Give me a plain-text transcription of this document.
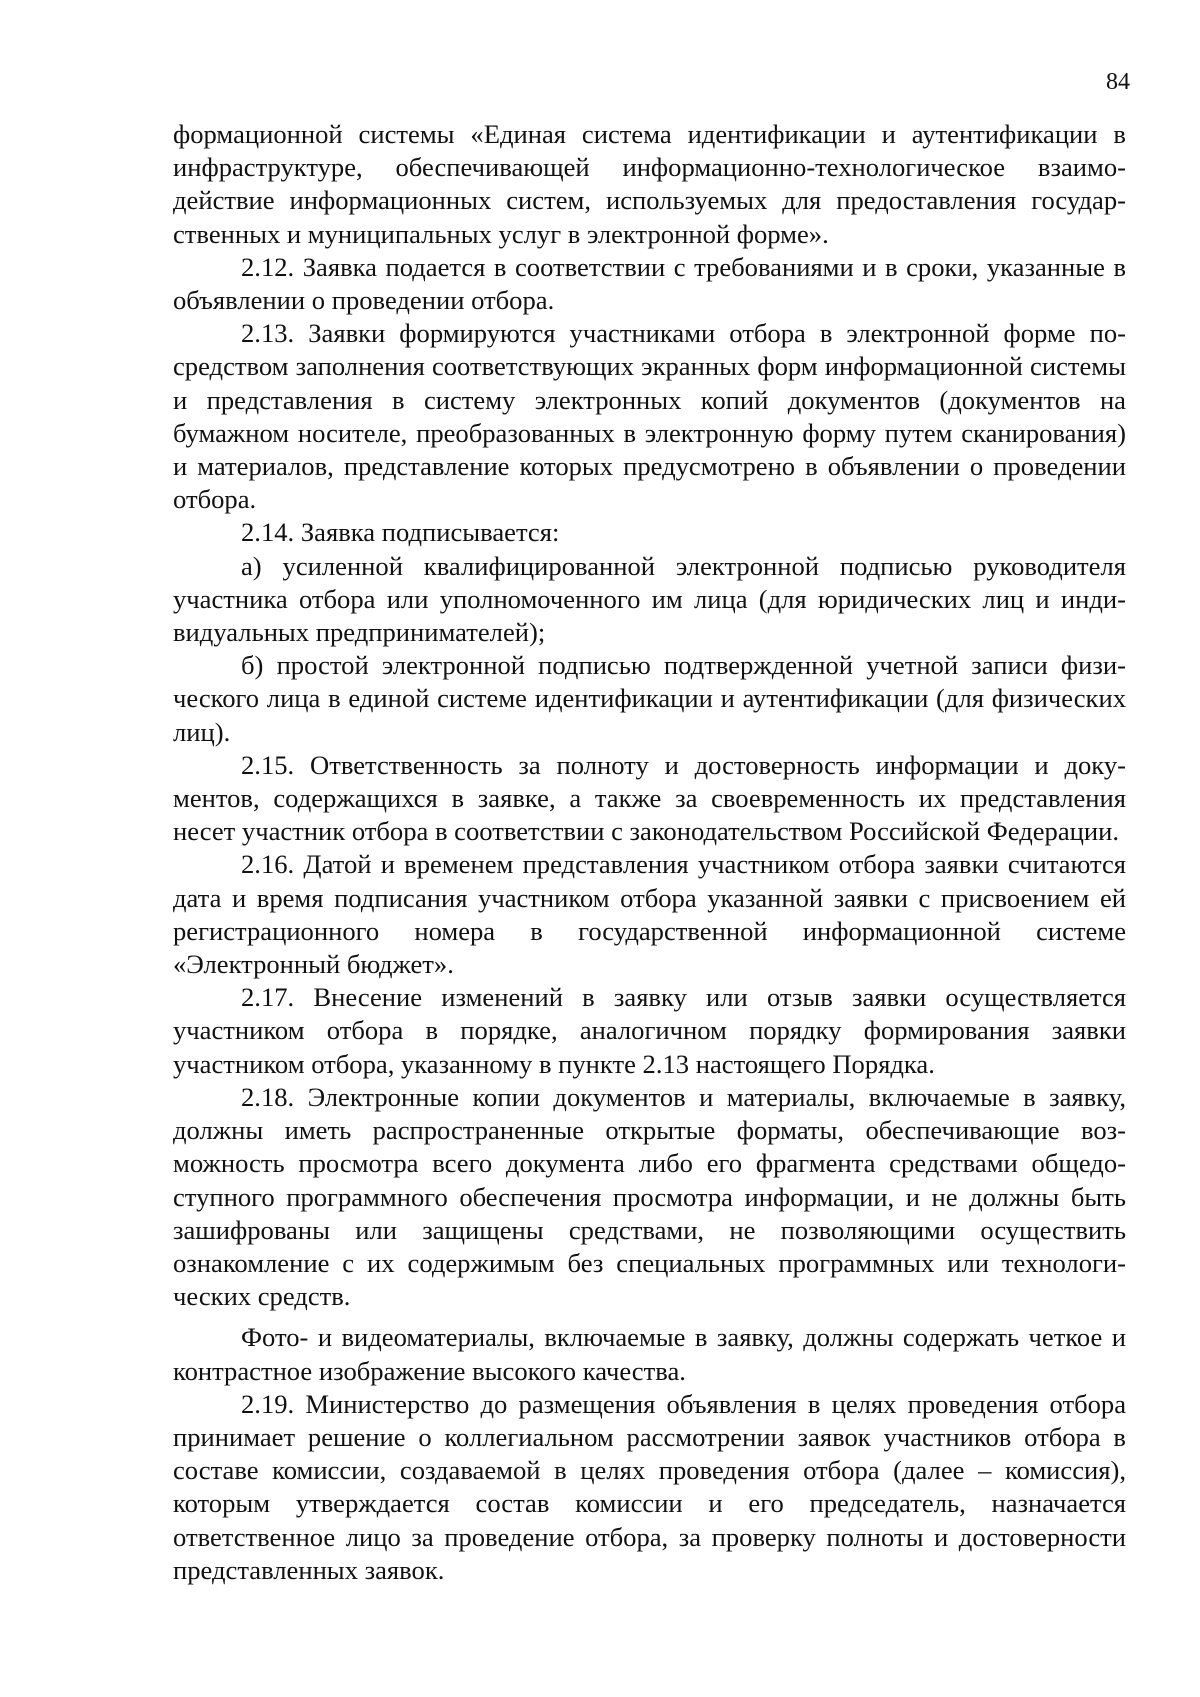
84

формационной системы «Единая система идентификации и аутентификации в инфраструктуре, обеспечивающей информационно-технологическое взаимодействие информационных систем, используемых для предоставления государственных и муниципальных услуг в электронной форме».

2.12. Заявка подается в соответствии с требованиями и в сроки, указанные в объявлении о проведении отбора.

2.13. Заявки формируются участниками отбора в электронной форме посредством заполнения соответствующих экранных форм информационной системы и представления в систему электронных копий документов (документов на бумажном носителе, преобразованных в электронную форму путем сканирования) и материалов, представление которых предусмотрено в объявлении о проведении отбора.

2.14. Заявка подписывается:

а) усиленной квалифицированной электронной подписью руководителя участника отбора или уполномоченного им лица (для юридических лиц и индивидуальных предпринимателей);

б) простой электронной подписью подтвержденной учетной записи физического лица в единой системе идентификации и аутентификации (для физических лиц).

2.15. Ответственность за полноту и достоверность информации и документов, содержащихся в заявке, а также за своевременность их представления несет участник отбора в соответствии с законодательством Российской Федерации.

2.16. Датой и временем представления участником отбора заявки считаются дата и время подписания участником отбора указанной заявки с присвоением ей регистрационного номера в государственной информационной системе «Электронный бюджет».

2.17. Внесение изменений в заявку или отзыв заявки осуществляется участником отбора в порядке, аналогичном порядку формирования заявки участником отбора, указанному в пункте 2.13 настоящего Порядка.

2.18. Электронные копии документов и материалы, включаемые в заявку, должны иметь распространенные открытые форматы, обеспечивающие возможность просмотра всего документа либо его фрагмента средствами общедоступного программного обеспечения просмотра информации, и не должны быть зашифрованы или защищены средствами, не позволяющими осуществить ознакомление с их содержимым без специальных программных или технологических средств.

Фото- и видеоматериалы, включаемые в заявку, должны содержать четкое и контрастное изображение высокого качества.

2.19. Министерство до размещения объявления в целях проведения отбора принимает решение о коллегиальном рассмотрении заявок участников отбора в составе комиссии, создаваемой в целях проведения отбора (далее – комиссия), которым утверждается состав комиссии и его председатель, назначается ответственное лицо за проведение отбора, за проверку полноты и достоверности представленных заявок.
